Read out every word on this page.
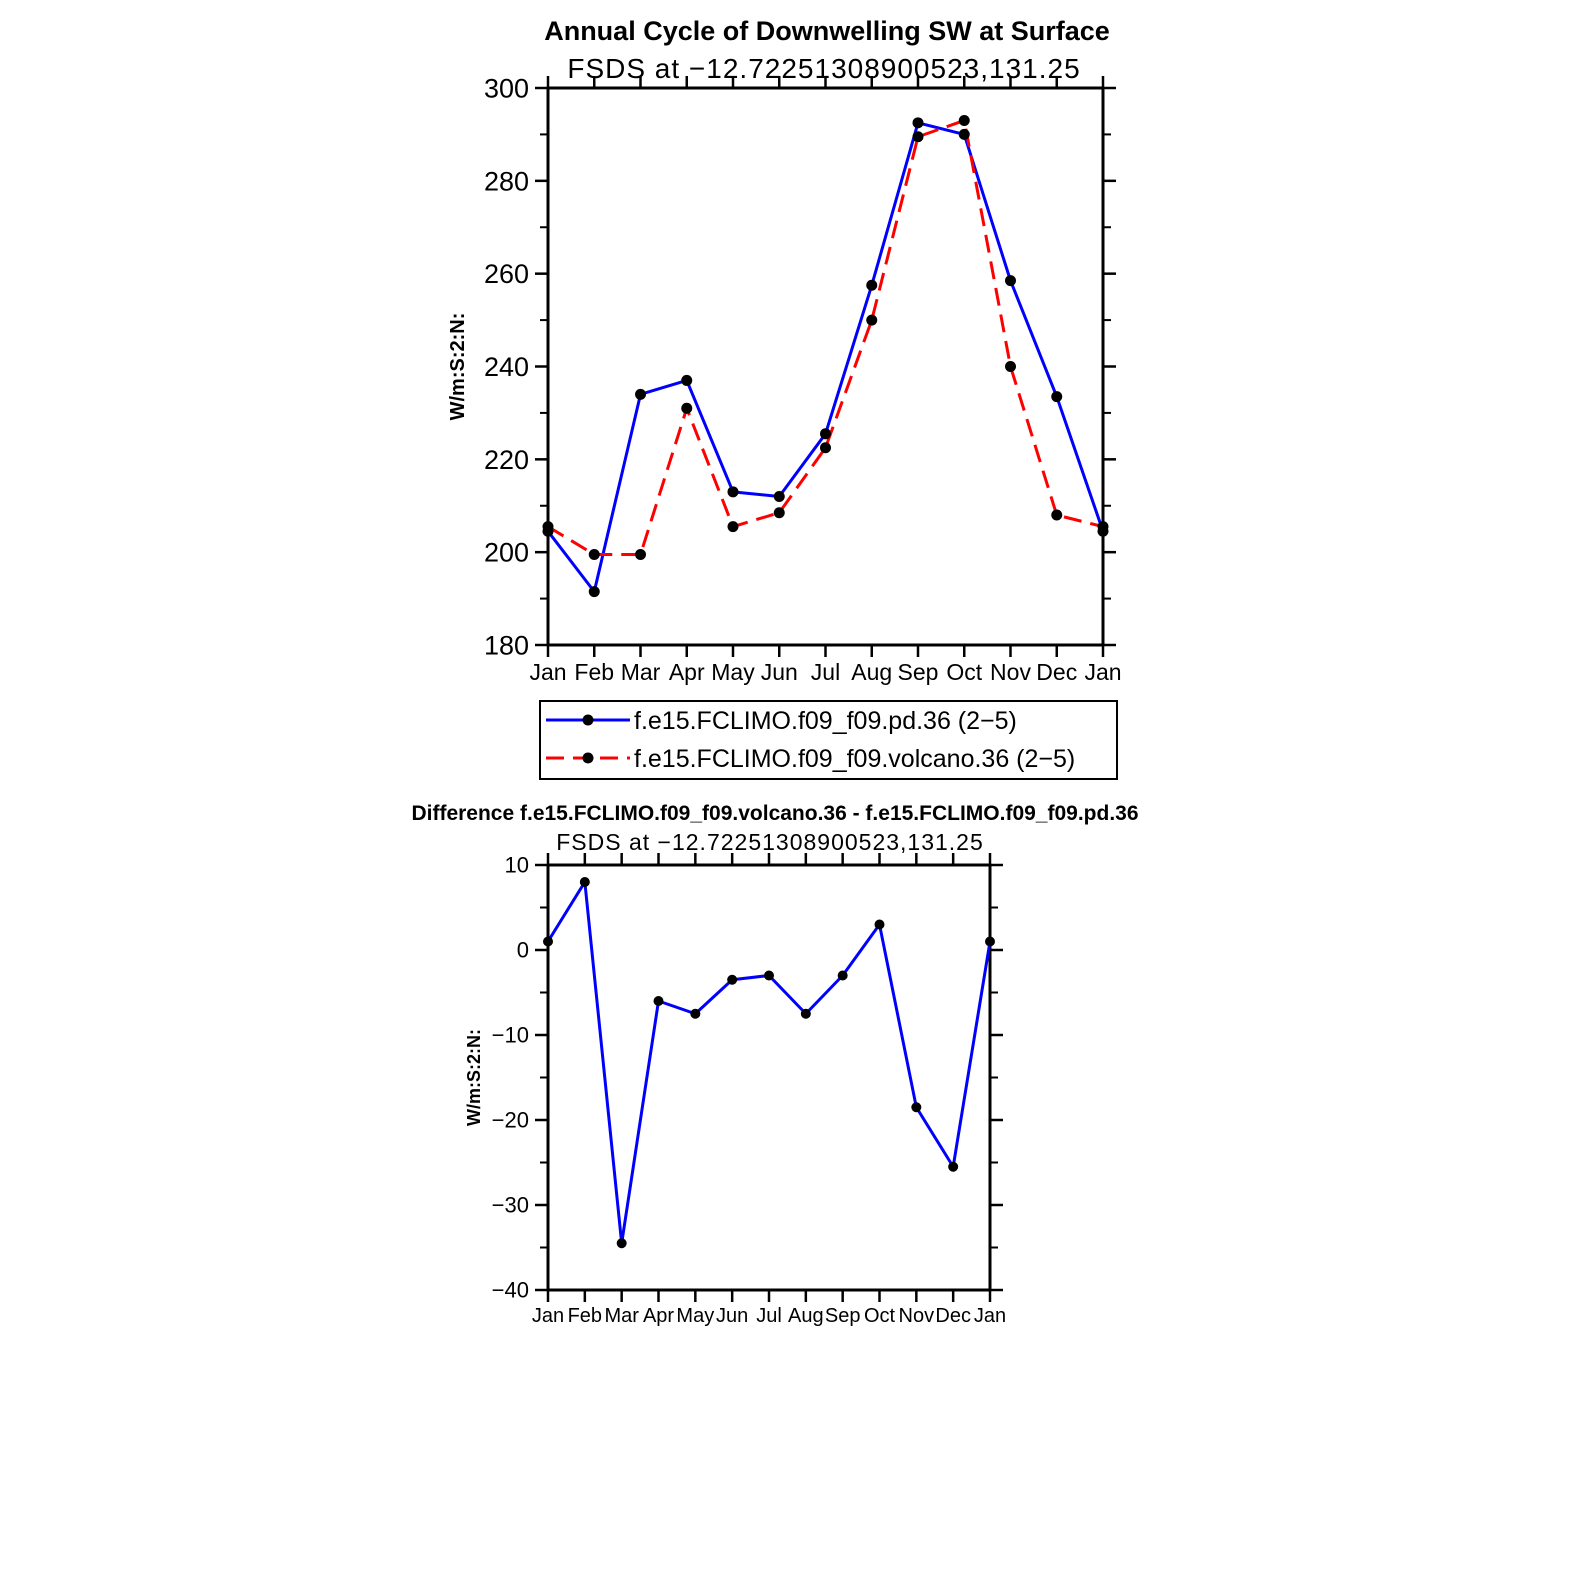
300
280
260
240
220
200
180
Jan Feb Mar Apr May Jun Jul Aug Sep Oct Nov Dec Jan
Annual Cycle of Downwelling SW at Surface
FSDS at −12.72251308900523,131.25
W/m:S:2:N:
f.e15.FCLIMO.f09_f09.pd.36 (2−5)
f.e15.FCLIMO.f09_f09.volcano.36 (2−5)
10
0
−10
−20
−30
−40
Jan Feb Mar Apr May Jun Jul Aug Sep Oct Nov Dec Jan
Difference f.e15.FCLIMO.f09_f09.volcano.36 - f.e15.FCLIMO.f09_f09.pd.36
FSDS at −12.72251308900523,131.25
W/m:S:2:N:
